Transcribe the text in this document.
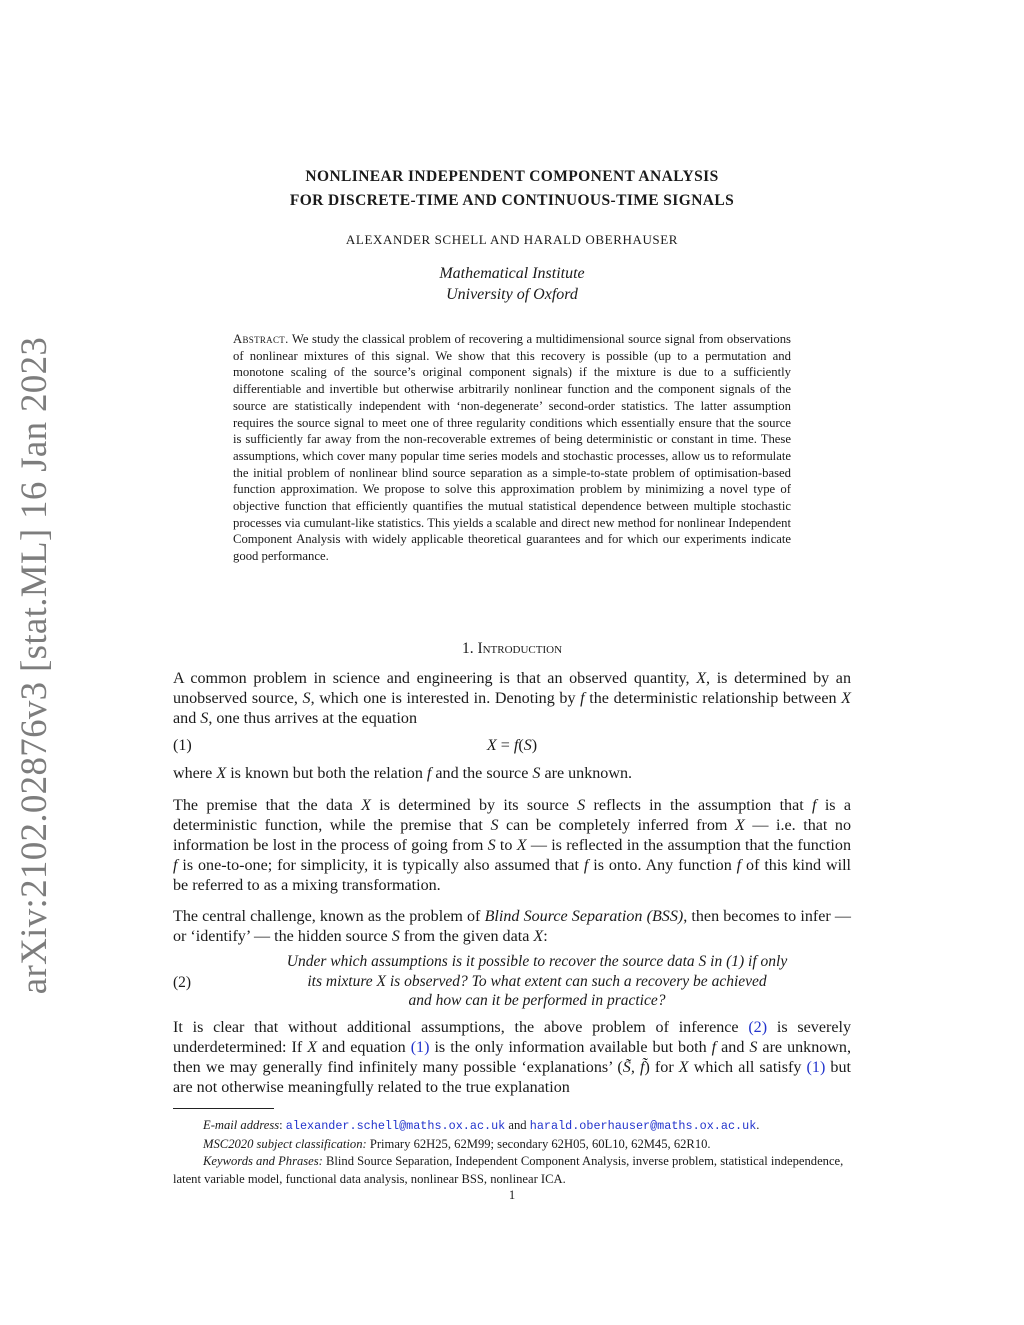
arXiv:2102.02876v3 [stat.ML] 16 Jan 2023
NONLINEAR INDEPENDENT COMPONENT ANALYSIS
FOR DISCRETE-TIME AND CONTINUOUS-TIME SIGNALS
ALEXANDER SCHELL AND HARALD OBERHAUSER
Mathematical Institute
University of Oxford
Abstract. We study the classical problem of recovering a multidimensional source signal from observations of nonlinear mixtures of this signal. We show that this recovery is possible (up to a permutation and monotone scaling of the source’s original component signals) if the mixture is due to a sufficiently differentiable and invertible but otherwise arbitrarily nonlinear function and the component signals of the source are statistically independent with ‘non-degenerate’ second-order statistics. The latter assumption requires the source signal to meet one of three regularity conditions which essentially ensure that the source is sufficiently far away from the non-recoverable extremes of being deterministic or constant in time. These assumptions, which cover many popular time series models and stochastic processes, allow us to reformulate the initial problem of nonlinear blind source separation as a simple-to-state problem of optimisation-based function approximation. We propose to solve this approximation problem by minimizing a novel type of objective function that efficiently quantifies the mutual statistical dependence between multiple stochastic processes via cumulant-like statistics. This yields a scalable and direct new method for nonlinear Independent Component Analysis with widely applicable theoretical guarantees and for which our experiments indicate good performance.
1. Introduction

A common problem in science and engineering is that an observed quantity, X, is determined by an unobserved source, S, which one is interested in. Denoting by f the deterministic relationship between X and S, one thus arrives at the equation

(1)	X = f(S)

where X is known but both the relation f and the source S are unknown.

The premise that the data X is determined by its source S reflects in the assumption that f is a deterministic function, while the premise that S can be completely inferred from X — i.e. that no information be lost in the process of going from S to X — is reflected in the assumption that the function f is one-to-one; for simplicity, it is typically also assumed that f is onto. Any function f of this kind will be referred to as a mixing transformation.

The central challenge, known as the problem of Blind Source Separation (BSS), then becomes to infer — or ‘identify’ — the hidden source S from the given data X:

(2)
Under which assumptions is it possible to recover the source data S in (1) if only
its mixture X is observed? To what extent can such a recovery be achieved
and how can it be performed in practice?

It is clear that without additional assumptions, the above problem of inference (2) is severely underdetermined: If X and equation (1) is the only information available but both f and S are unknown, then we may generally find infinitely many possible ‘explanations’ (S̃, f̃) for X which all satisfy (1) but are not otherwise meaningfully related to the true explanation

E-mail address: alexander.schell@maths.ox.ac.uk and harald.oberhauser@maths.ox.ac.uk.
MSC2020 subject classification: Primary 62H25, 62M99; secondary 62H05, 60L10, 62M45, 62R10.
Keywords and Phrases: Blind Source Separation, Independent Component Analysis, inverse problem, statistical independence, latent variable model, functional data analysis, nonlinear BSS, nonlinear ICA.
1
